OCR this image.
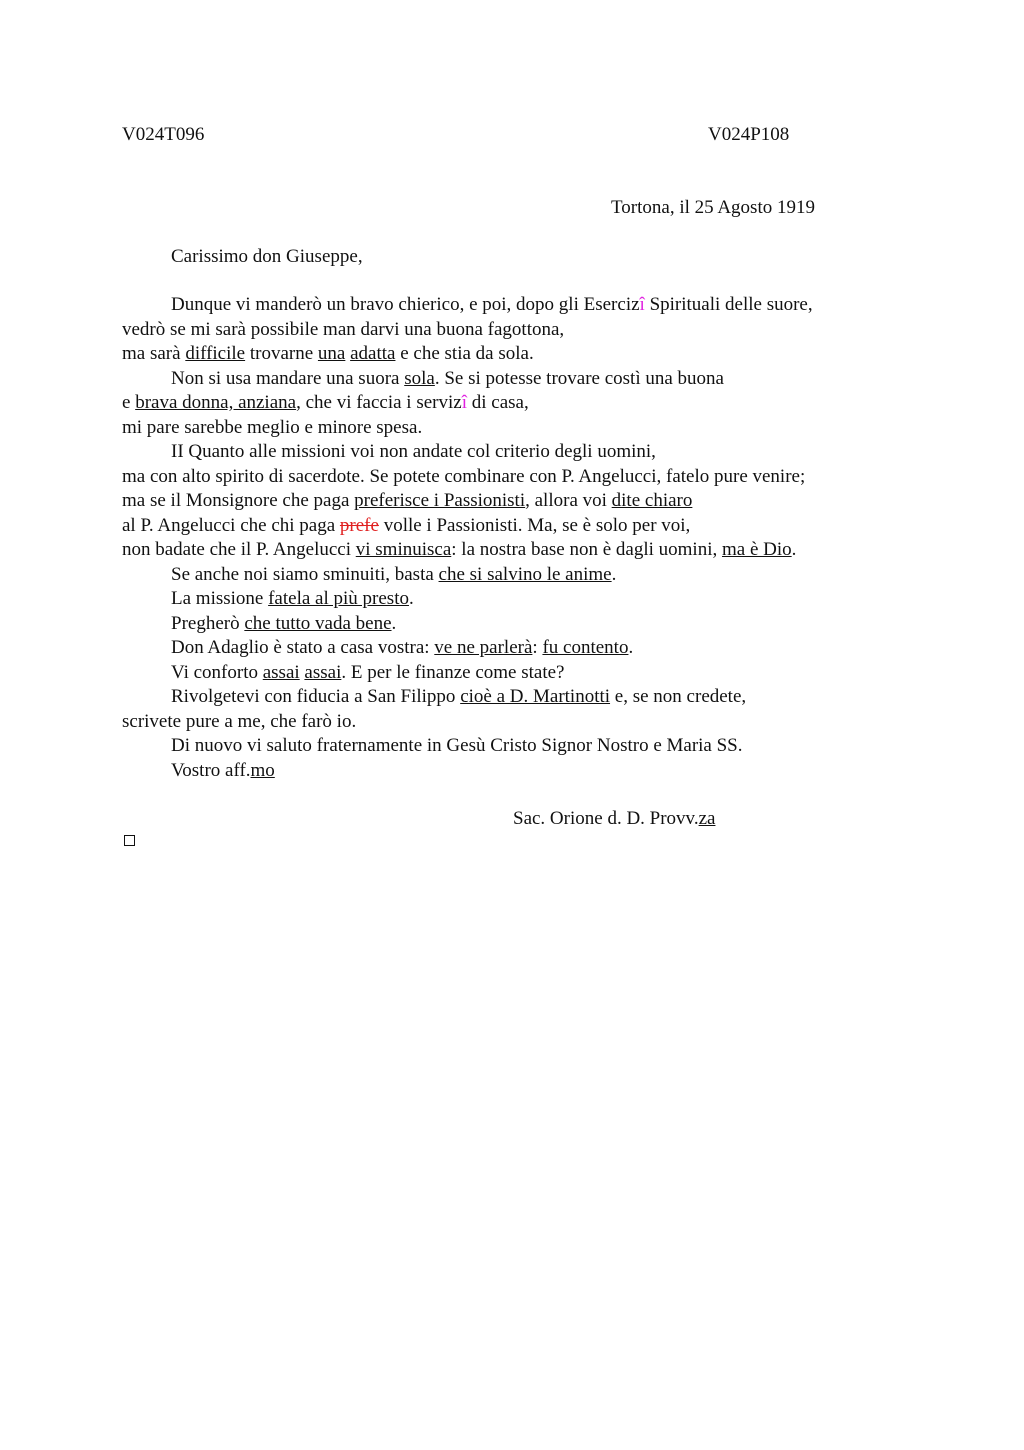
V024T096	V024P108
Tortona, il 25 Agosto 1919
Carissimo don Giuseppe,
Dunque vi manderò un bravo chierico, e poi, dopo gli Esercizî Spirituali delle suore,
vedrò se mi sarà possibile man darvi una buona fagottona,
ma sarà difficile trovarne una adatta e che stia da sola.
Non si usa mandare una suora sola. Se si potesse trovare costì una buona
e brava donna, anziana, che vi faccia i servizî di casa,
mi pare sarebbe meglio e minore spesa.
II Quanto alle missioni voi non andate col criterio degli uomini,
ma con alto spirito di sacerdote. Se potete combinare con P. Angelucci, fatelo pure venire;
ma se il Monsignore che paga preferisce i Passionisti, allora voi dite chiaro
al P. Angelucci che chi paga prefe volle i Passionisti. Ma, se è solo per voi,
non badate che il P. Angelucci vi sminuisca: la nostra base non è dagli uomini, ma è Dio.
Se anche noi siamo sminuiti, basta che si salvino le anime.
La missione fatela al più presto.
Pregherò che tutto vada bene.
Don Adaglio è stato a casa vostra: ve ne parlerà: fu contento.
Vi conforto assai assai. E per le finanze come state?
Rivolgetevi con fiducia a San Filippo cioè a D. Martinotti e, se non credete,
scrivete pure a me, che farò io.
Di nuovo vi saluto fraternamente in Gesù Cristo Signor Nostro e Maria SS.
Vostro aff.mo
Sac. Orione d. D. Provv.za
